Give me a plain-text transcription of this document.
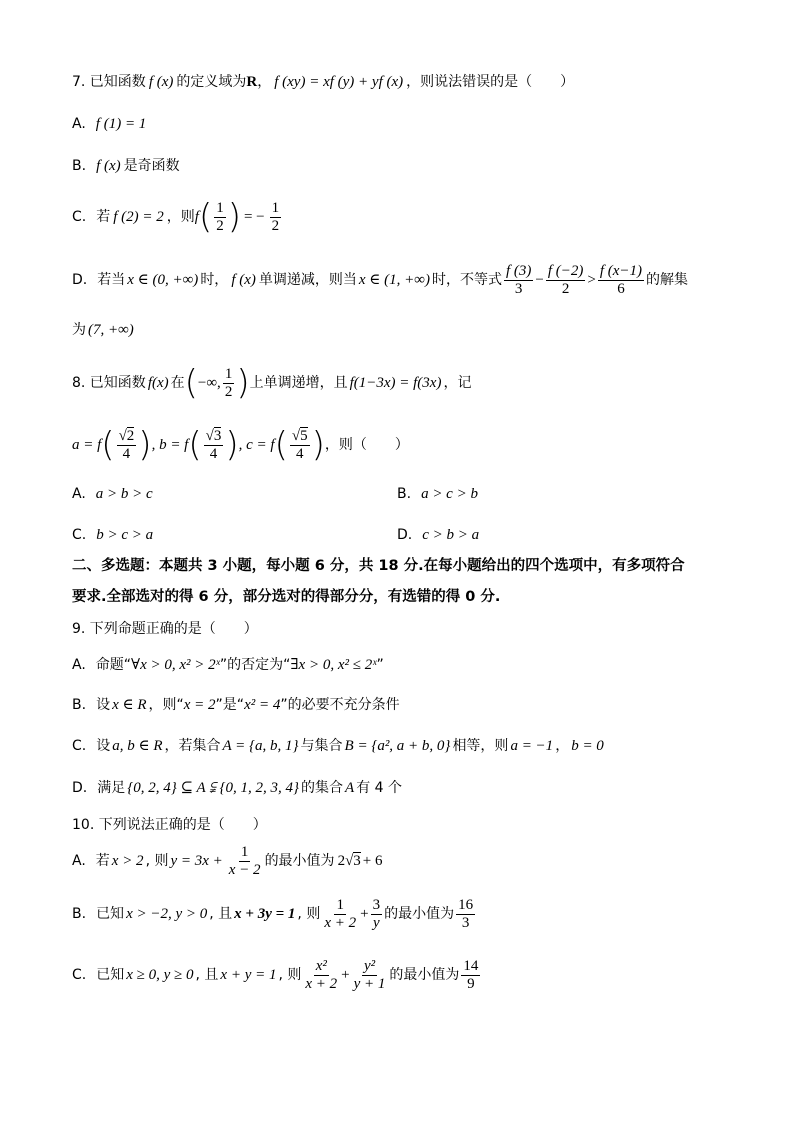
7. 已知函数 f (x) 的定义域为 R ， f (xy) = xf (y) + yf (x) ，则说法错误的是（　　）
A. f (1) = 1
B. f (x) 是奇函数
C. 若 f (2) = 2 ，则 f ( $\frac{1}{2}$ ) = − $\frac{1}{2}$
D. 若当 x ∈ (0, +∞) 时， f (x) 单调递减，则当 x ∈ (1, +∞) 时，不等式 $\frac{f (3)}{3} - \frac{f (-2)}{2} > \frac{f (x-1)}{6}$ 的解集
为 (7, +∞)
8. 已知函数 f(x) 在 ( −∞, $\frac{1}{2}$ ) 上单调递增，且 f(1−3x) = f(3x) ，记
a = f ( $\frac{√2}{4}$ ) , b = f ( $\frac{√3}{4}$ ) , c = f ( $\frac{√5}{4}$ ) ，则（　　）
A. a > b > c	B. a > c > b
C. b > c > a	D. c > b > a
二、多选题：本题共 3 小题，每小题 6 分，共 18 分.在每小题给出的四个选项中，有多项符合
要求.全部选对的得 6 分，部分选对的得部分分，有选错的得 0 分.
9. 下列命题正确的是（　　）
A. 命题“ ∀x > 0, x² > 2ˣ ”的否定为“ ∃x > 0, x² ≤ 2ˣ ”
B. 设 x ∈ R ，则“ x = 2 ”是“ x² = 4 ”的必要不充分条件
C. 设 a, b ∈ R ，若集合 A = {a, b, 1} 与集合 B = {a², a + b, 0} 相等，则 a = −1 ， b = 0
D. 满足 {0, 2, 4} ⊆ A ⫋ {0, 1, 2, 3, 4} 的集合 A 有 4 个
10. 下列说法正确的是（　　）
A. 若 x > 2 , 则 $y = 3x + \frac{1}{x - 2}$ 的最小值为 2 √3 + 6
B. 已知 x > −2, y > 0 , 且 x + 3y = 1 , 则 $\frac{1}{x + 2} + \frac{3}{y}$ 的最小值为 $\frac{16}{3}$
C. 已知 x ≥ 0, y ≥ 0 , 且 x + y = 1 , 则 $\frac{\text{x²}}{x + 2} + \frac{\text{y²}}{y + 1}$ 的最小值为 $\frac{14}{9}$
